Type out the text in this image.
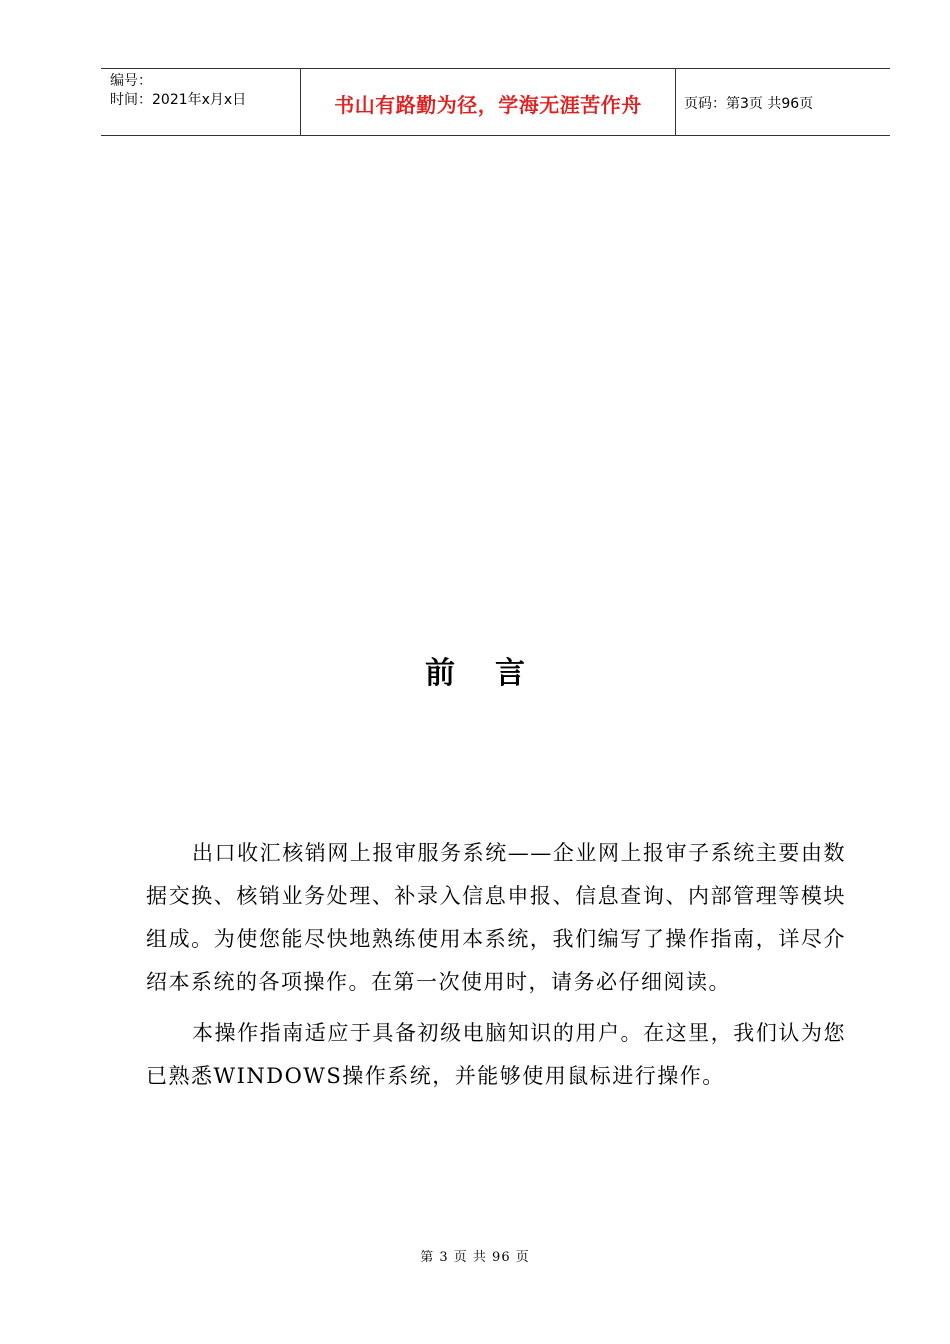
编号：
时间：2021年x月x日	书山有路勤为径，学海无涯苦作舟	页码：第3页 共96页
前言

出口收汇核销网上报审服务系统——企业网上报审子系统主要由数据交换、核销业务处理、补录入信息申报、信息查询、内部管理等模块组成。为使您能尽快地熟练使用本系统，我们编写了操作指南，详尽介绍本系统的各项操作。在第一次使用时，请务必仔细阅读。

本操作指南适应于具备初级电脑知识的用户。在这里，我们认为您已熟悉WINDOWS操作系统，并能够使用鼠标进行操作。

第 3 页 共 96 页
